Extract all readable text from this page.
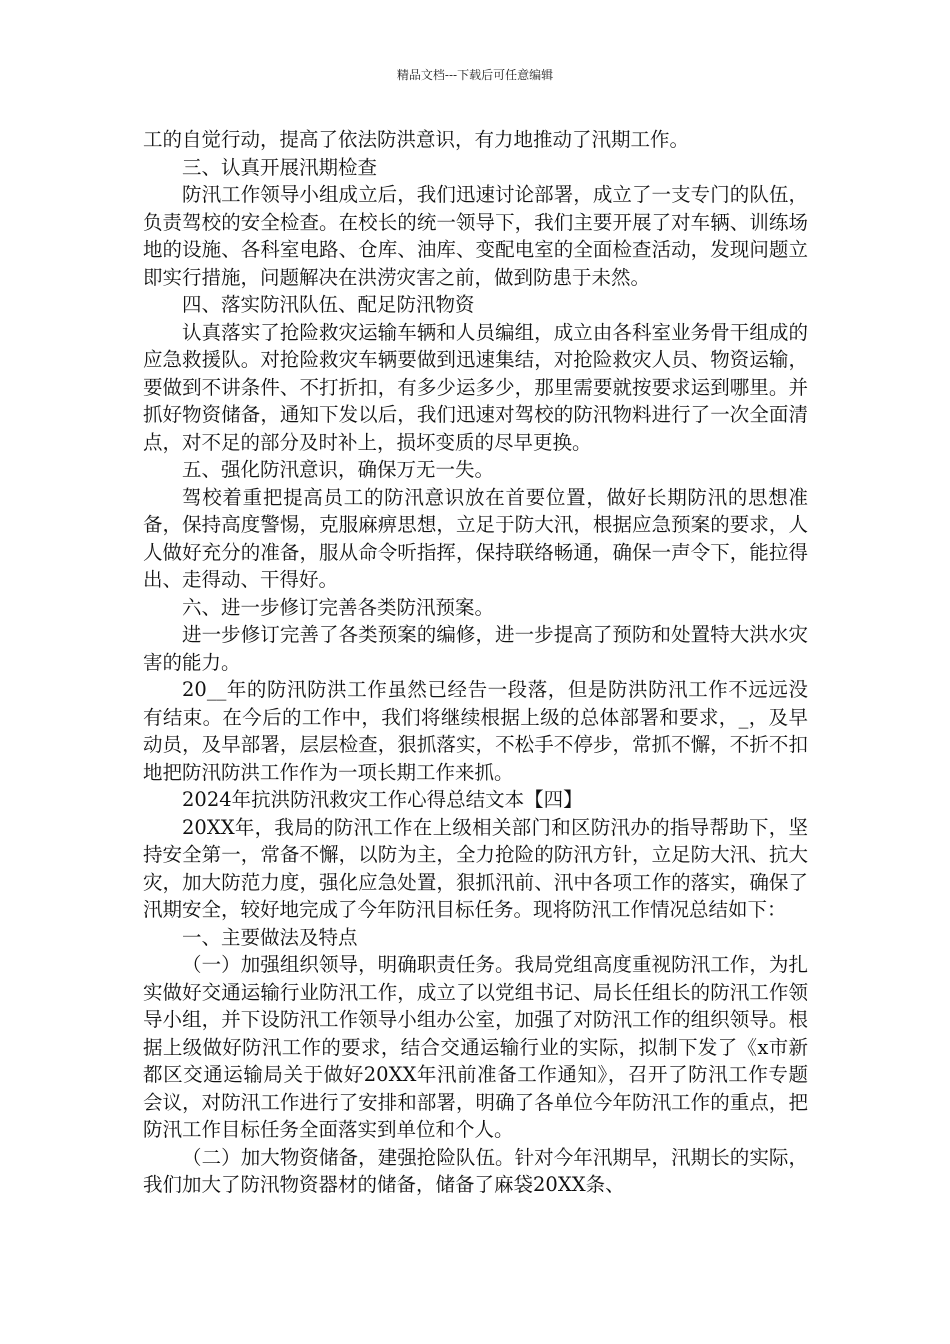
精品文档---下载后可任意编辑

工的自觉行动，提高了依法防洪意识，有力地推动了汛期工作。

三、认真开展汛期检查

防汛工作领导小组成立后，我们迅速讨论部署，成立了一支专门的队伍，负责驾校的安全检查。在校长的统一领导下，我们主要开展了对车辆、训练场地的设施、各科室电路、仓库、油库、变配电室的全面检查活动，发现问题立即实行措施，问题解决在洪涝灾害之前，做到防患于未然。

四、落实防汛队伍、配足防汛物资

认真落实了抢险救灾运输车辆和人员编组，成立由各科室业务骨干组成的应急救援队。对抢险救灾车辆要做到迅速集结，对抢险救灾人员、物资运输，要做到不讲条件、不打折扣，有多少运多少，那里需要就按要求运到哪里。并抓好物资储备，通知下发以后，我们迅速对驾校的防汛物料进行了一次全面清点，对不足的部分及时补上，损坏变质的尽早更换。

五、强化防汛意识，确保万无一失。

驾校着重把提高员工的防汛意识放在首要位置，做好长期防汛的思想准备，保持高度警惕，克服麻痹思想，立足于防大汛，根据应急预案的要求，人人做好充分的准备，服从命令听指挥，保持联络畅通，确保一声令下，能拉得出、走得动、干得好。

六、进一步修订完善各类防汛预案。

进一步修订完善了各类预案的编修，进一步提高了预防和处置特大洪水灾害的能力。

20__年的防汛防洪工作虽然已经告一段落，但是防洪防汛工作不远远没有结束。在今后的工作中，我们将继续根据上级的总体部署和要求，_，及早动员，及早部署，层层检查，狠抓落实，不松手不停步，常抓不懈，不折不扣地把防汛防洪工作作为一项长期工作来抓。

2024年抗洪防汛救灾工作心得总结文本【四】

20XX年，我局的防汛工作在上级相关部门和区防汛办的指导帮助下，坚持安全第一，常备不懈，以防为主，全力抢险的防汛方针，立足防大汛、抗大灾，加大防范力度，强化应急处置，狠抓汛前、汛中各项工作的落实，确保了汛期安全，较好地完成了今年防汛目标任务。现将防汛工作情况总结如下：

一、主要做法及特点

（一）加强组织领导，明确职责任务。我局党组高度重视防汛工作，为扎实做好交通运输行业防汛工作，成立了以党组书记、局长任组长的防汛工作领导小组，并下设防汛工作领导小组办公室，加强了对防汛工作的组织领导。根据上级做好防汛工作的要求，结合交通运输行业的实际，拟制下发了《x市新都区交通运输局关于做好20XX年汛前准备工作通知》，召开了防汛工作专题会议，对防汛工作进行了安排和部署，明确了各单位今年防汛工作的重点，把防汛工作目标任务全面落实到单位和个人。

（二）加大物资储备，建强抢险队伍。针对今年汛期早，汛期长的实际，我们加大了防汛物资器材的储备，储备了麻袋20XX条、
